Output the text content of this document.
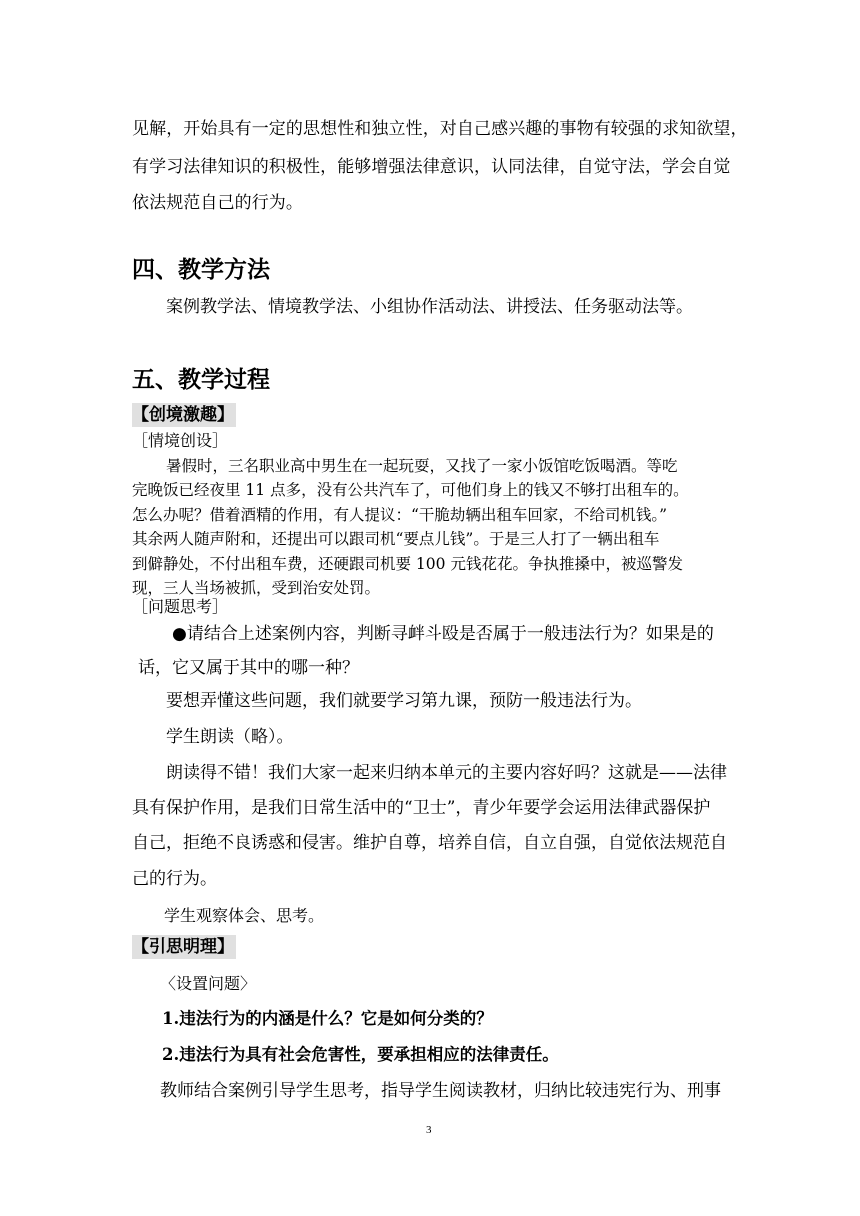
见解，开始具有一定的思想性和独立性，对自己感兴趣的事物有较强的求知欲望，
有学习法律知识的积极性，能够增强法律意识，认同法律，自觉守法，学会自觉
依法规范自己的行为。
四、教学方法
案例教学法、情境教学法、小组协作活动法、讲授法、任务驱动法等。
五、教学过程
【创境激趣】
［情境创设］
暑假时，三名职业高中男生在一起玩耍，又找了一家小饭馆吃饭喝酒。等吃
完晚饭已经夜里 11 点多，没有公共汽车了，可他们身上的钱又不够打出租车的。
怎么办呢？借着酒精的作用，有人提议：“干脆劫辆出租车回家，不给司机钱。”
其余两人随声附和，还提出可以跟司机“要点儿钱”。于是三人打了一辆出租车
到僻静处，不付出租车费，还硬跟司机要 100 元钱花花。争执推搡中，被巡警发
现，三人当场被抓，受到治安处罚。
［问题思考］
●请结合上述案例内容，判断寻衅斗殴是否属于一般违法行为？如果是的
话，它又属于其中的哪一种？
要想弄懂这些问题，我们就要学习第九课，预防一般违法行为。
学生朗读（略）。
朗读得不错！我们大家一起来归纳本单元的主要内容好吗？这就是——法律
具有保护作用，是我们日常生活中的“卫士”，青少年要学会运用法律武器保护
自己，拒绝不良诱惑和侵害。维护自尊，培养自信，自立自强，自觉依法规范自
己的行为。
学生观察体会、思考。
【引思明理】
〈设置问题〉
1.违法行为的内涵是什么？它是如何分类的？
2.违法行为具有社会危害性，要承担相应的法律责任。
教师结合案例引导学生思考，指导学生阅读教材，归纳比较违宪行为、刑事
3
